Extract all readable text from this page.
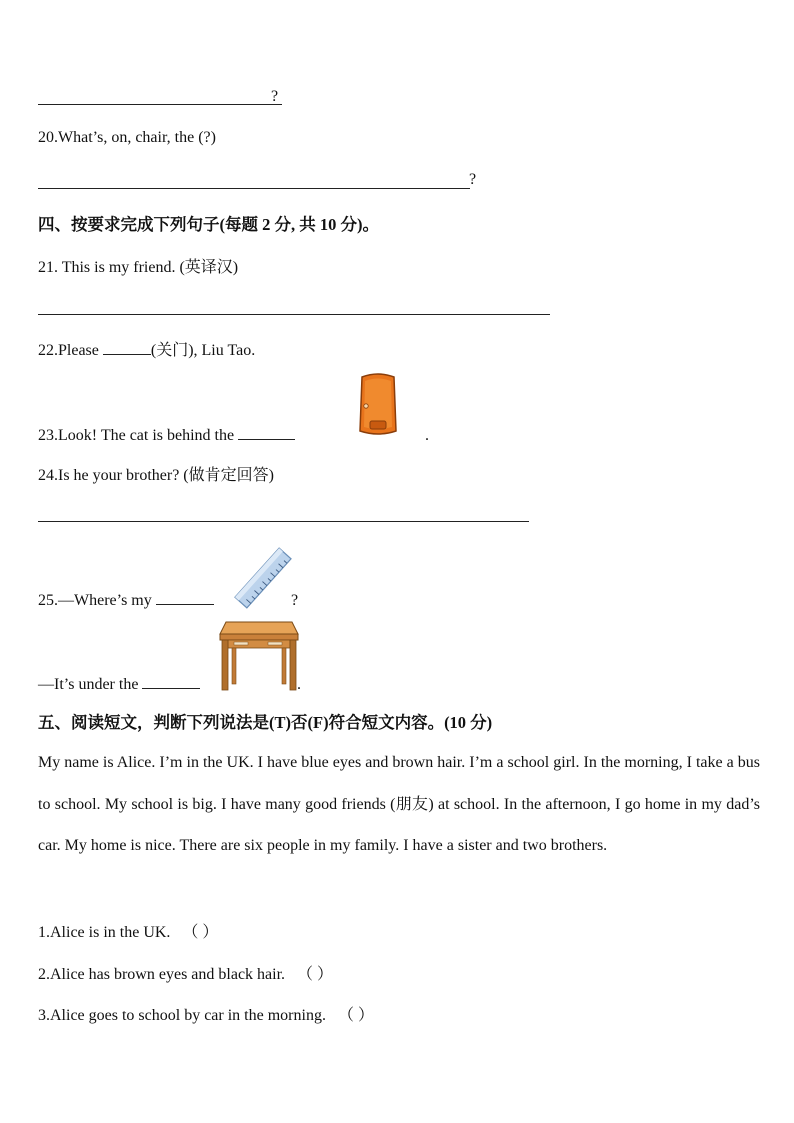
?
20.What’s, on, chair, the (?)
?
四、按要求完成下列句子(每题 2 分, 共 10 分)。
21. This is my friend. (英译汉)
22.Please	(关门), Liu Tao.
23.Look! The cat is behind the	.
24.Is he your brother? (做肯定回答)
25.—Where’s my	?
—It’s under the	.
五、阅读短文，判断下列说法是(T)否(F)符合短文内容。(10 分)
My name is Alice. I’m in the UK. I have blue eyes and brown hair. I’m a school girl. In the morning, I take a bus to school. My school is big. I have many good friends (朋友) at school. In the afternoon, I go home in my dad’s car. My home is nice. There are six people in my family. I have a sister and two brothers.
1.Alice is in the UK. （ ）
2.Alice has brown eyes and black hair. （ ）
3.Alice goes to school by car in the morning. （ ）
